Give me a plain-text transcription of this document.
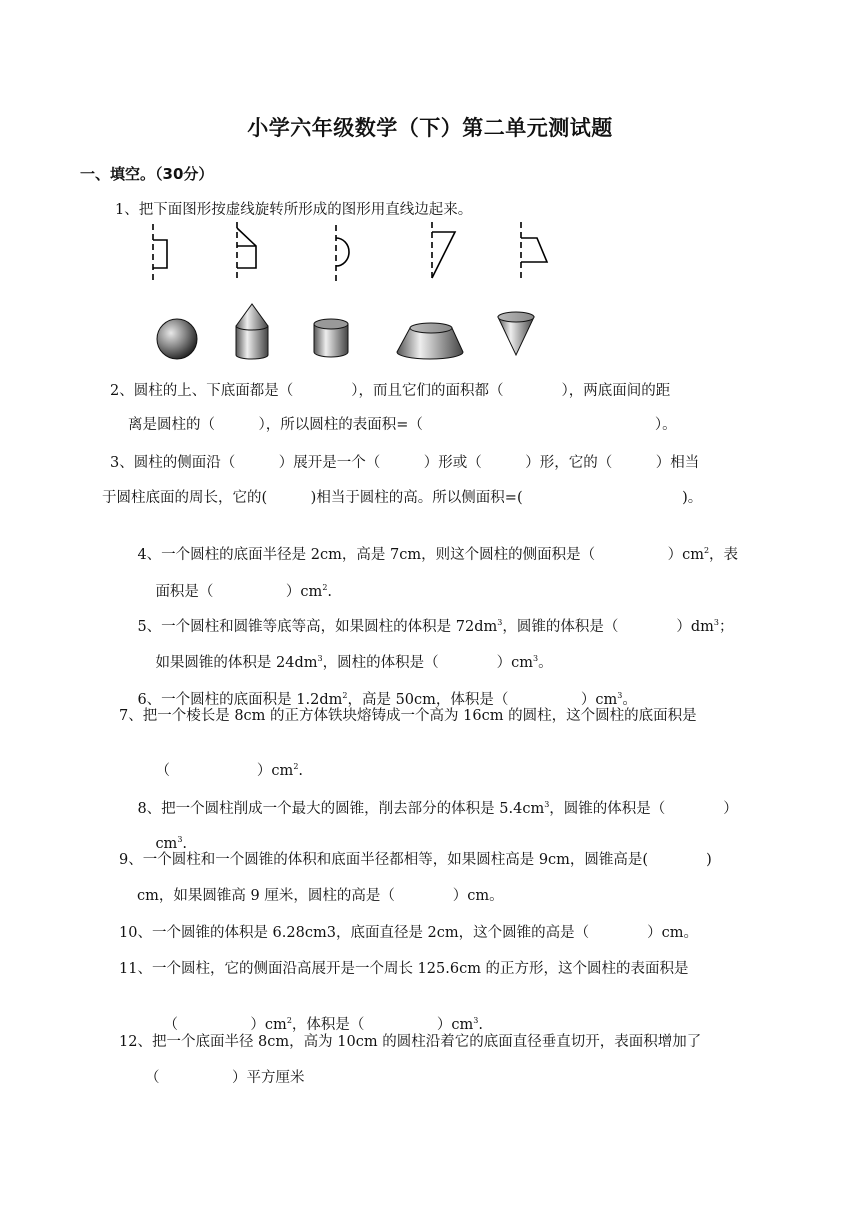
小学六年级数学（下）第二单元测试题
一、填空。（30分）
1、把下面图形按虚线旋转所形成的图形用直线边起来。
2、圆柱的上、下底面都是（　　　　），而且它们的面积都（　　　　），两底面间的距
离是圆柱的（　　　），所以圆柱的表面积=（　　　　　　　　　　　　　　　　）。
3、圆柱的侧面沿（　　　）展开是一个（　　　）形或（　　　）形，它的（　　　）相当
于圆柱底面的周长，它的(　　　)相当于圆柱的高。所以侧面积=(　　　　　　　　　　　)。

4、一个圆柱的底面半径是 2cm，高是 7cm，则这个圆柱的侧面积是（　　　　　）$cm^2$，表

面积是（　　　　　）$cm^2$.

5、一个圆柱和圆锥等底等高，如果圆柱的体积是 $72dm^3$，圆锥的体积是（　　　　）$dm^3$；

如果圆锥的体积是 $24dm^3$，圆柱的体积是（　　　　）$cm^3$。

6、一个圆柱的底面积是 $1.2dm^2$，高是 50cm，体积是（　　　　　）$cm^3$。

7、把一个棱长是 8cm 的正方体铁块熔铸成一个高为 16cm 的圆柱，这个圆柱的底面积是

（　　　　　　）$cm^2$.

8、把一个圆柱削成一个最大的圆锥，削去部分的体积是 $5.4cm^3$，圆锥的体积是（　　　　）

$cm^3$.

9、一个圆柱和一个圆锥的体积和底面半径都相等，如果圆柱高是 9cm，圆锥高是(　　　　)
cm，如果圆锥高 9 厘米，圆柱的高是（　　　　）cm。
10、一个圆锥的体积是 6.28cm3，底面直径是 2cm，这个圆锥的高是（　　　　）cm。
11、一个圆柱，它的侧面沿高展开是一个周长 125.6cm 的正方形，这个圆柱的表面积是

（　　　　　）$cm^2$，体积是（　　　　　）$cm^3$.

12、把一个底面半径 8cm，高为 10cm 的圆柱沿着它的底面直径垂直切开，表面积增加了
（　　　　　）平方厘米
